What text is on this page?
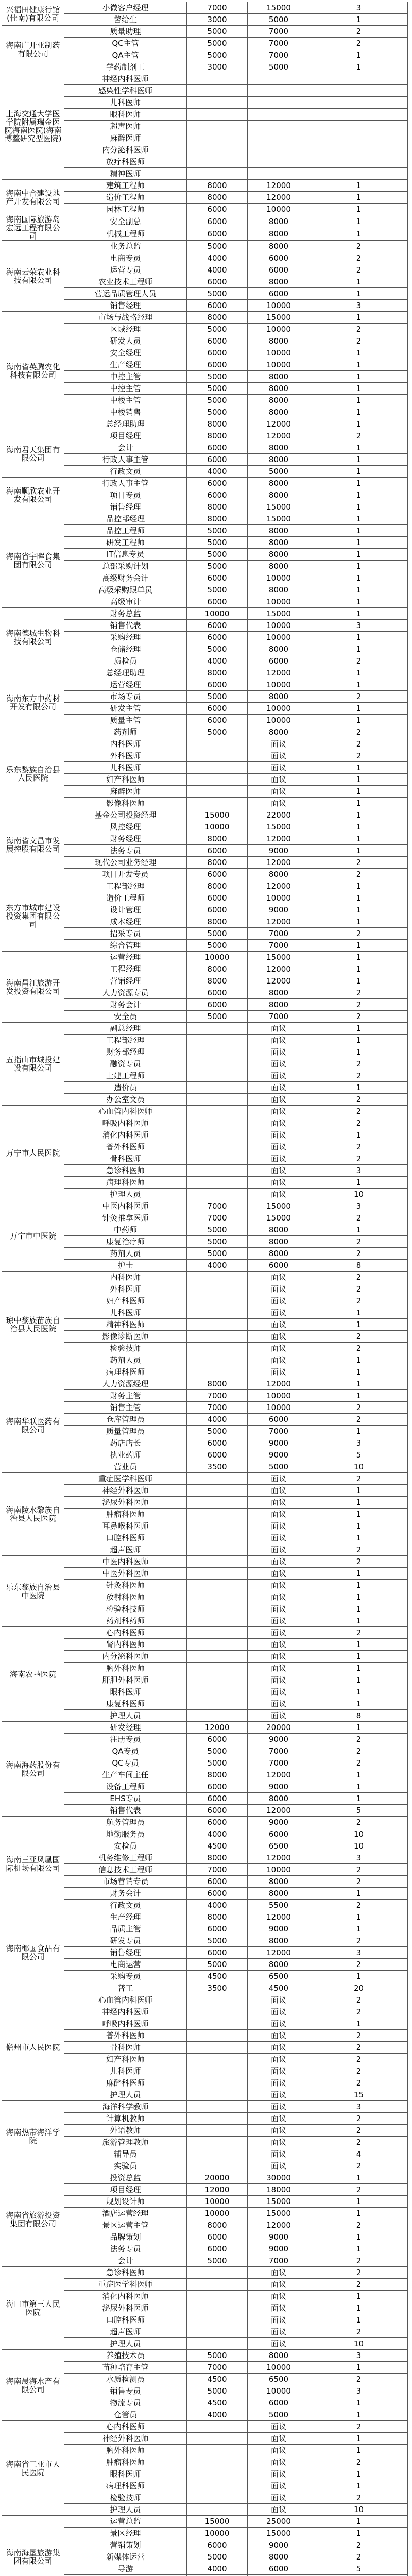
兴福田健康行馆(佳南)有限公司	小微客户经理	7000	15000	3
	警给生	3000	5000	1
海南广开亚制药有限公司	质量助理	5000	7000	2
	QC主管	5000	7000	2
	QA主管	5000	7000	1
	学药制剂工	3000	5000	1
上海交通大学医学院附属瑞金医院海南医院(海南博鳌研究型医院)	神经内科医师			
	感染性学科医师			
	儿科医师			
	眼科医师			
	超声医师			
	麻醉医师			
	内分泌科医师			
	放疗科医师			
	精神医师			
海南中合建设地产开发有限公司	建筑工程师	8000	12000	1
	造价工程师	8000	12000	1
	园林工程师	6000	10000	1
海南国际旅游岛宏远工程有限公司	安全副总	6000	8000	1
	机械工程师	6000	8000	1
海南云荣农业科技有限公司	业务总监	5000	8000	2
	电商专员	4000	6000	2
	运营专员	4000	6000	2
	农业技术工程师	6000	8000	1
	营运品质管理人员	5000	6000	1
	销售经理	6000	10000	3
海南省英腾农化科技有限公司	市场与战略经理	8000	15000	1
	区域经理	5000	10000	2
	研发人员	6000	8000	2
	安全经理	6000	10000	1
	生产经理	6000	10000	1
	中控主管	5000	8000	1
	中控主管	5000	8000	1
	中楼主管	5000	8000	1
	中楼销售	5000	8000	1
	总经理助理	8000	12000	1
海南君天集团有限公司	项目经理	8000	12000	2
	会计	6000	8000	1
	行政人事主管	6000	8000	1
	行政文员	4000	5000	1
海南顺欣农业开发有限公司	行政人事主管	6000	8000	1
	项目专员	6000	8000	1
	销售经理	8000	15000	1
海南省宇晖食集团有限公司	品控部经理	8000	15000	1
	品控工程师	5000	8000	1
	研发工程师	5000	8000	1
	IT信息专员	5000	8000	1
	总部采购计划	5000	8000	1
	高级财务会计	6000	10000	1
	高级采购跟单员	5000	8000	1
	高级审计	6000	10000	1
海南德城生物科技有限公司	财务总监	10000	15000	1
	销售代表	6000	10000	3
	采购经理	6000	10000	1
	仓储经理	5000	8000	1
	质检员	4000	6000	2
海南东方中药材开发有限公司	总经理助理	8000	12000	1
	运营经理	6000	10000	1
	市场专员	5000	8000	2
	研发主管	6000	10000	1
	质量主管	6000	10000	1
	药剂师	5000	8000	2
乐东黎族自治县人民医院	内科医师		面议	2
	外科医师		面议	2
	儿科医师		面议	1
	妇产科医师		面议	1
	麻醉医师		面议	1
	影像科医师		面议	1
海南省文昌市发展控股有限公司	基金公司投资经理	15000	22000	1
	风控经理	10000	15000	1
	财务经理	8000	12000	1
	法务专员	6000	9000	1
	现代公司业务经理	8000	12000	2
	项目开发专员	6000	8000	2
东方市城市建设投资集团有限公司	工程部经理	8000	12000	1
	造价工程师	6000	10000	1
	设计管理	6000	9000	1
	成本经理	8000	12000	1
	招采专员	5000	7000	2
	综合管理	5000	7000	1
海南昌江旅游开发投资有限公司	运营经理	10000	15000	1
	工程经理	8000	12000	1
	营销经理	8000	12000	1
	人力资源专员	6000	8000	2
	财务会计	6000	8000	2
	安全员	5000	7000	2
五指山市城投建设有限公司	副总经理		面议	1
	工程部经理		面议	1
	财务部经理		面议	1
	融资专员		面议	2
	土建工程师		面议	2
	造价员		面议	1
	办公室文员		面议	2
万宁市人民医院	心血管内科医师		面议	2
	呼吸内科医师		面议	2
	消化内科医师		面议	1
	普外科医师		面议	2
	骨科医师		面议	2
	急诊科医师		面议	3
	病理科医师		面议	1
	护理人员		面议	10
万宁市中医院	中医内科医师	7000	15000	3
	针灸推拿医师	7000	15000	2
	中药师	5000	8000	1
	康复治疗师	5000	8000	2
	药剂人员	5000	8000	2
	护士	4000	6000	8
琼中黎族苗族自治县人民医院	内科医师		面议	2
	外科医师		面议	2
	妇产科医师		面议	2
	儿科医师		面议	1
	精神科医师		面议	1
	影像诊断医师		面议	2
	检验技师		面议	2
	药剂人员		面议	1
	病理科医师		面议	1
海南华联医药有限公司	人力资源经理	8000	12000	1
	财务主管	7000	10000	1
	销售主管	7000	10000	2
	仓库管理员	4000	6000	2
	质量管理员	5000	7000	1
	药店店长	6000	9000	3
	执业药师	6000	9000	5
	营业员	3500	5000	10
海南陵水黎族自治县人民医院	重症医学科医师		面议	2
	神经外科医师		面议	1
	泌尿外科医师		面议	1
	肿瘤科医师		面议	1
	耳鼻喉科医师		面议	1
	口腔科医师		面议	1
	超声医师		面议	2
乐东黎族自治县中医院	中医内科医师		面议	2
	中医外科医师		面议	1
	针灸科医师		面议	1
	放射科医师		面议	1
	检验科技师		面议	1
	药剂科药师		面议	1
海南农垦医院	心内科医师		面议	2
	肾内科医师		面议	1
	内分泌科医师		面议	1
	胸外科医师		面议	1
	肝胆外科医师		面议	1
	眼科医师		面议	1
	康复科医师		面议	1
	护理人员		面议	8
海南海药股份有限公司	研发经理	12000	20000	1
	注册专员	6000	9000	2
	QA专员	5000	7000	2
	QC专员	5000	7000	2
	生产车间主任	8000	12000	1
	设备工程师	6000	9000	1
	EHS专员	6000	8000	1
	销售代表	6000	12000	5
海南三亚凤凰国际机场有限公司	航务管理员	6000	9000	2
	地勤服务员	4000	6000	10
	安检员	4500	6500	10
	机务维修工程师	8000	12000	3
	信息技术工程师	7000	10000	2
	市场营销专员	6000	8000	2
	财务会计	6000	8000	1
	行政文员	4000	5500	2
海南椰国食品有限公司	生产经理	8000	12000	1
	品质主管	6000	9000	1
	研发专员	5000	8000	2
	销售经理	6000	12000	3
	电商运营	5000	8000	2
	采购专员	4500	6500	1
	普工	3500	4500	20
儋州市人民医院	心血管内科医师		面议	2
	神经内科医师		面议	2
	呼吸内科医师		面议	1
	普外科医师		面议	2
	骨科医师		面议	2
	妇产科医师		面议	2
	儿科医师		面议	2
	麻醉科医师		面议	2
	护理人员		面议	15
海南热带海洋学院	海洋科学教师		面议	3
	计算机教师		面议	2
	外语教师		面议	2
	旅游管理教师		面议	2
	辅导员		面议	4
	实验员		面议	2
海南省旅游投资集团有限公司	投资总监	20000	30000	1
	项目经理	12000	18000	2
	规划设计师	10000	15000	1
	酒店运营经理	10000	15000	1
	景区运营主管	8000	12000	2
	品牌策划	6000	9000	1
	法务专员	6000	9000	1
	会计	5000	7000	2
海口市第三人民医院	急诊科医师		面议	2
	重症医学科医师		面议	2
	消化内科医师		面议	1
	泌尿外科医师		面议	1
	口腔科医师		面议	1
	超声医师		面议	2
	护理人员		面议	10
海南晨海水产有限公司	养殖技术员	5000	8000	3
	苗种培育主管	7000	10000	1
	水质检测员	4500	6500	2
	销售专员	5000	10000	3
	物流专员	4500	6000	1
	仓管员	4000	5000	1
海南省三亚市人民医院	心内科医师		面议	2
	神经外科医师		面议	1
	胸外科医师		面议	1
	肿瘤科医师		面议	2
	眼科医师		面议	1
	病理科医师		面议	1
	检验技师		面议	2
	护理人员		面议	10
海南海垦旅游集团有限公司	运营总监	15000	25000	1
	景区经理	10000	15000	1
	营销策划	6000	9000	2
	新媒体运营	5000	8000	2
	导游	4000	6000	5
